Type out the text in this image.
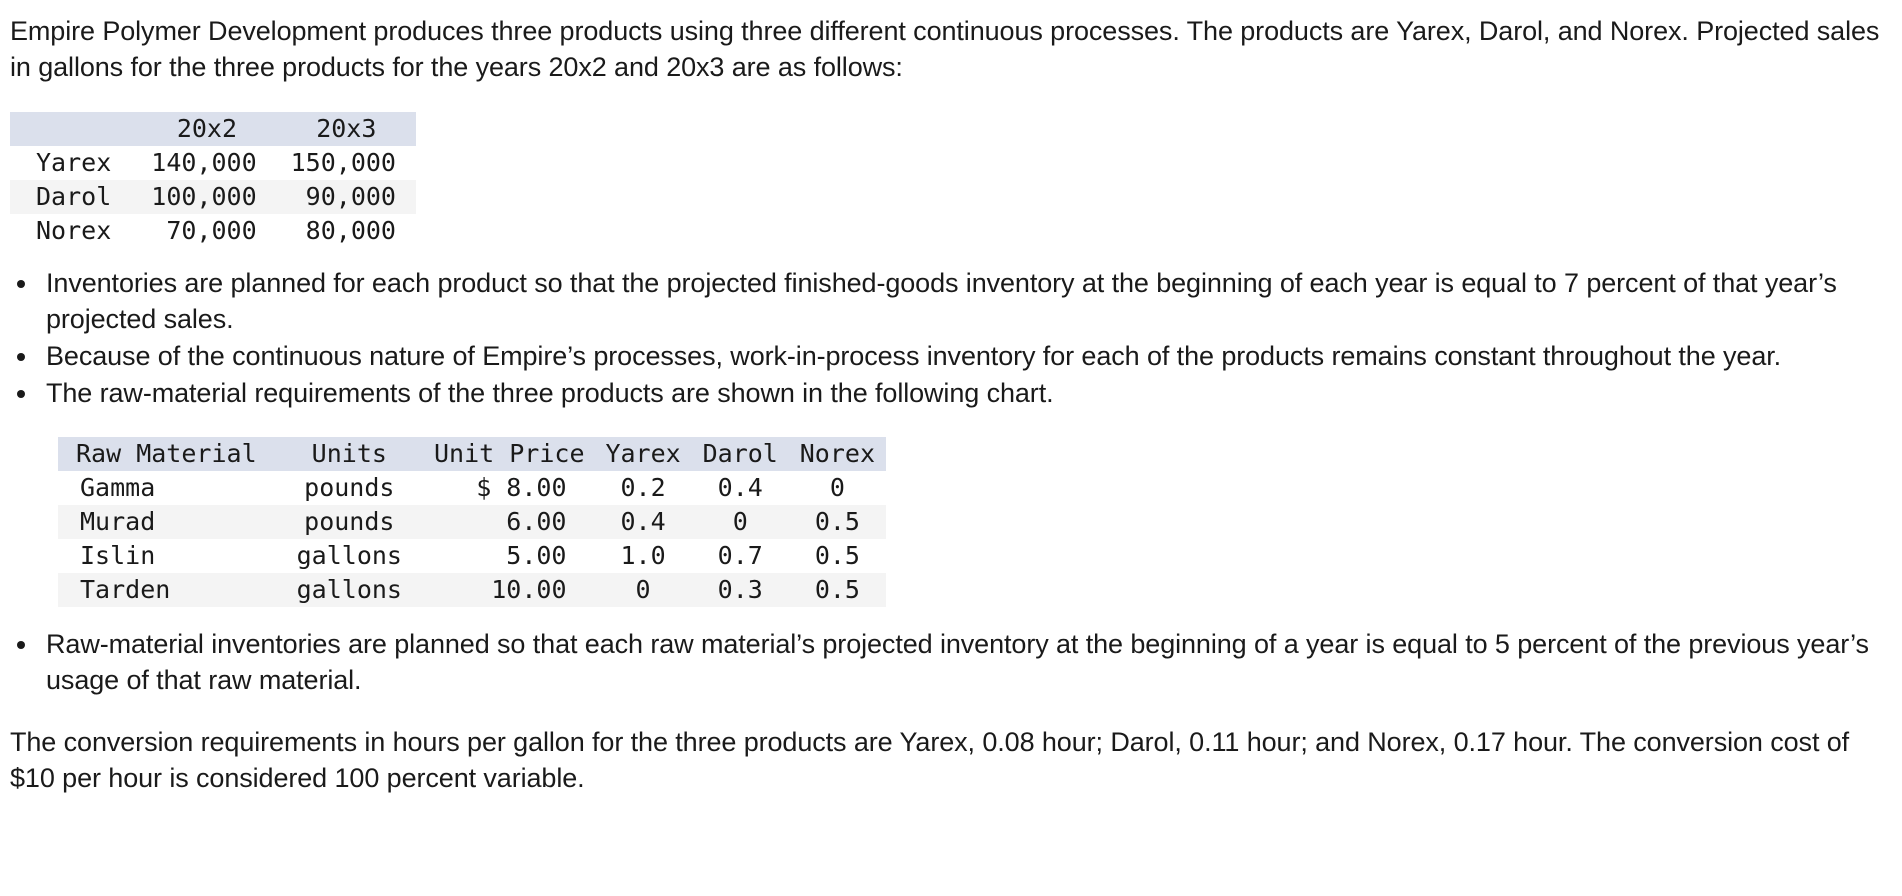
Empire Polymer Development produces three products using three different continuous processes. The products are Yarex, Darol, and Norex. Projected sales in gallons for the three products for the years 20x2 and 20x3 are as follows:

	20x2	20x3
Yarex	140,000	150,000
Darol	100,000	90,000
Norex	70,000	80,000
• Inventories are planned for each product so that the projected finished-goods inventory at the beginning of each year is equal to 7 percent of that year’s projected sales.
• Because of the continuous nature of Empire’s processes, work-in-process inventory for each of the products remains constant throughout the year.
• The raw-material requirements of the three products are shown in the following chart.
Raw Material	Units	Unit Price	Yarex	Darol	Norex
Gamma	pounds	$ 8.00	0.2	0.4	0
Murad	pounds	6.00	0.4	0	0.5
Islin	gallons	5.00	1.0	0.7	0.5
Tarden	gallons	10.00	0	0.3	0.5
• Raw-material inventories are planned so that each raw material’s projected inventory at the beginning of a year is equal to 5 percent of the previous year’s usage of that raw material.

The conversion requirements in hours per gallon for the three products are Yarex, 0.08 hour; Darol, 0.11 hour; and Norex, 0.17 hour. The conversion cost of $10 per hour is considered 100 percent variable.
